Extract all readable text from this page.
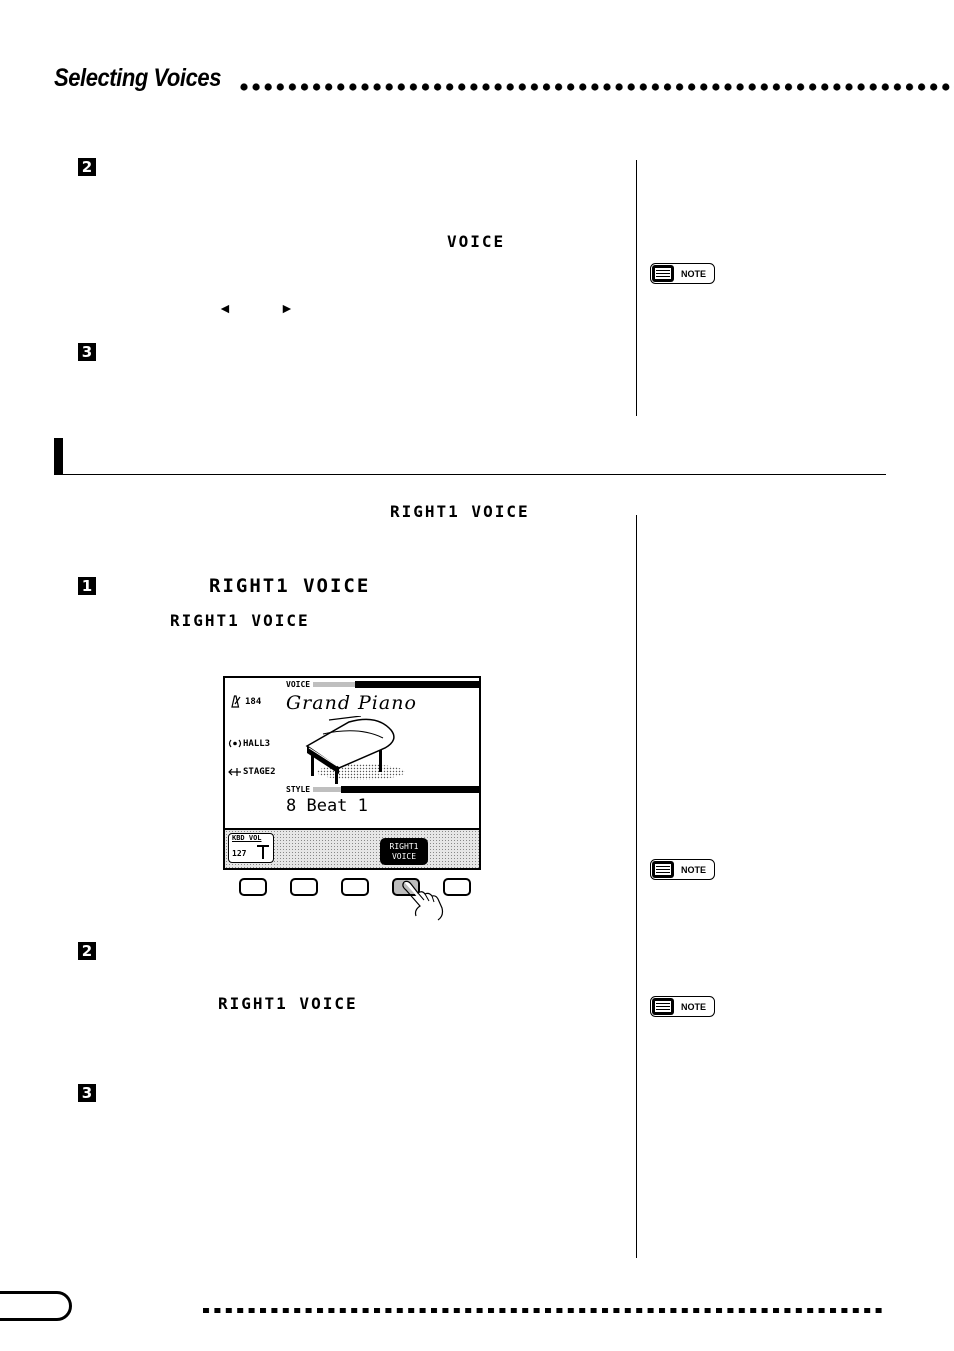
Selecting Voices
2
VOICE
◄	►
3
NOTE
RIGHT1 VOICE
1	RIGHT1 VOICE
RIGHT1 VOICE
184
HALL3
STAGE2
VOICE
Grand Piano
STYLE
8 Beat 1
KBD VOL
127
RIGHT1
VOICE
2
RIGHT1 VOICE
3
NOTE
NOTE
